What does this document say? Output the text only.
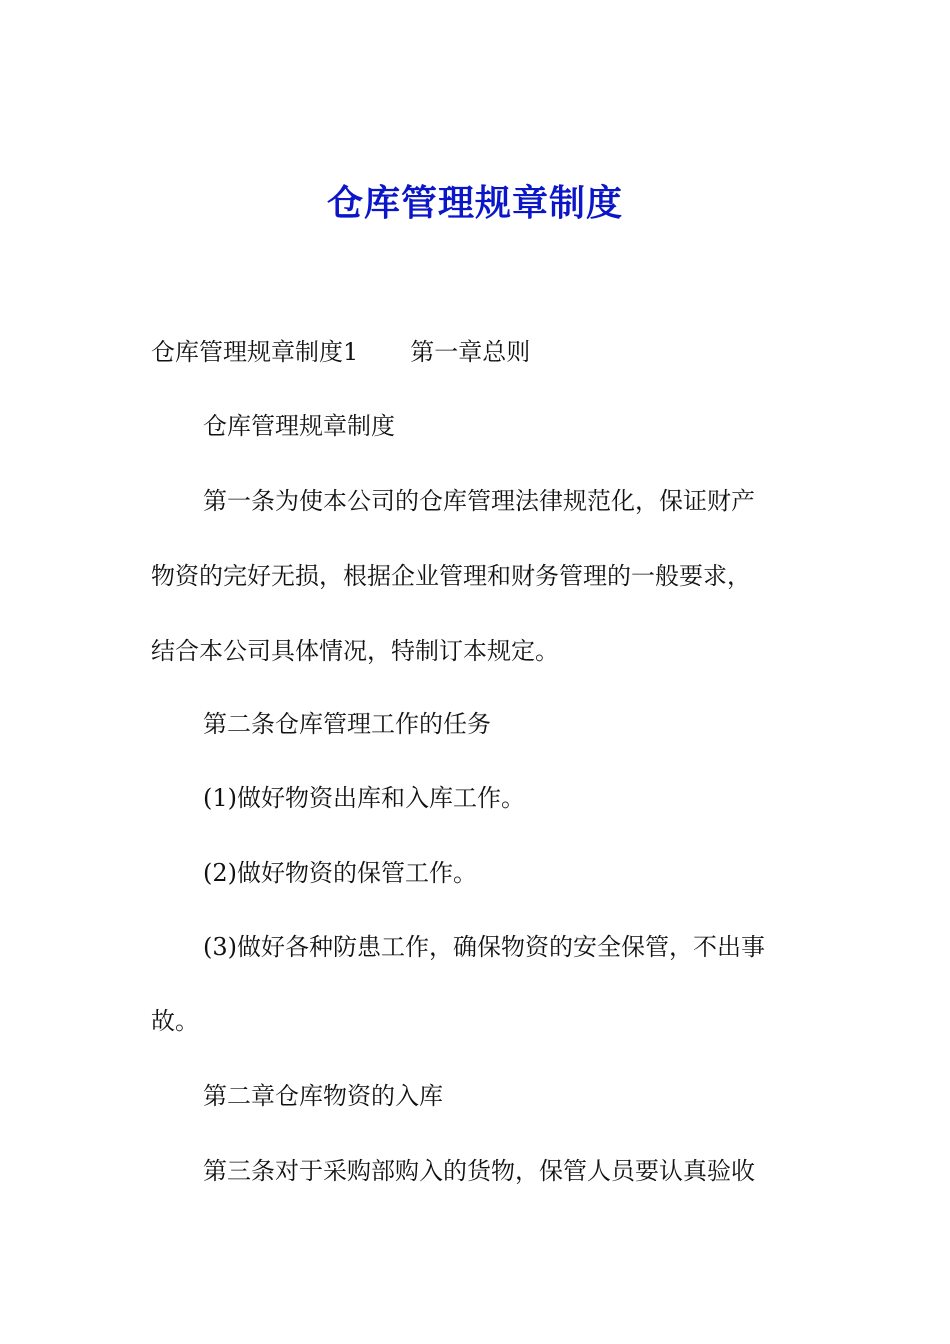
仓库管理规章制度
仓库管理规章制度1 第一章总则
仓库管理规章制度
第一条为使本公司的仓库管理法律规范化，保证财产
物资的完好无损，根据企业管理和财务管理的一般要求，
结合本公司具体情况，特制订本规定。
第二条仓库管理工作的任务
(1)做好物资出库和入库工作。
(2)做好物资的保管工作。
(3)做好各种防患工作，确保物资的安全保管，不出事
故。
第二章仓库物资的入库
第三条对于采购部购入的货物，保管人员要认真验收
